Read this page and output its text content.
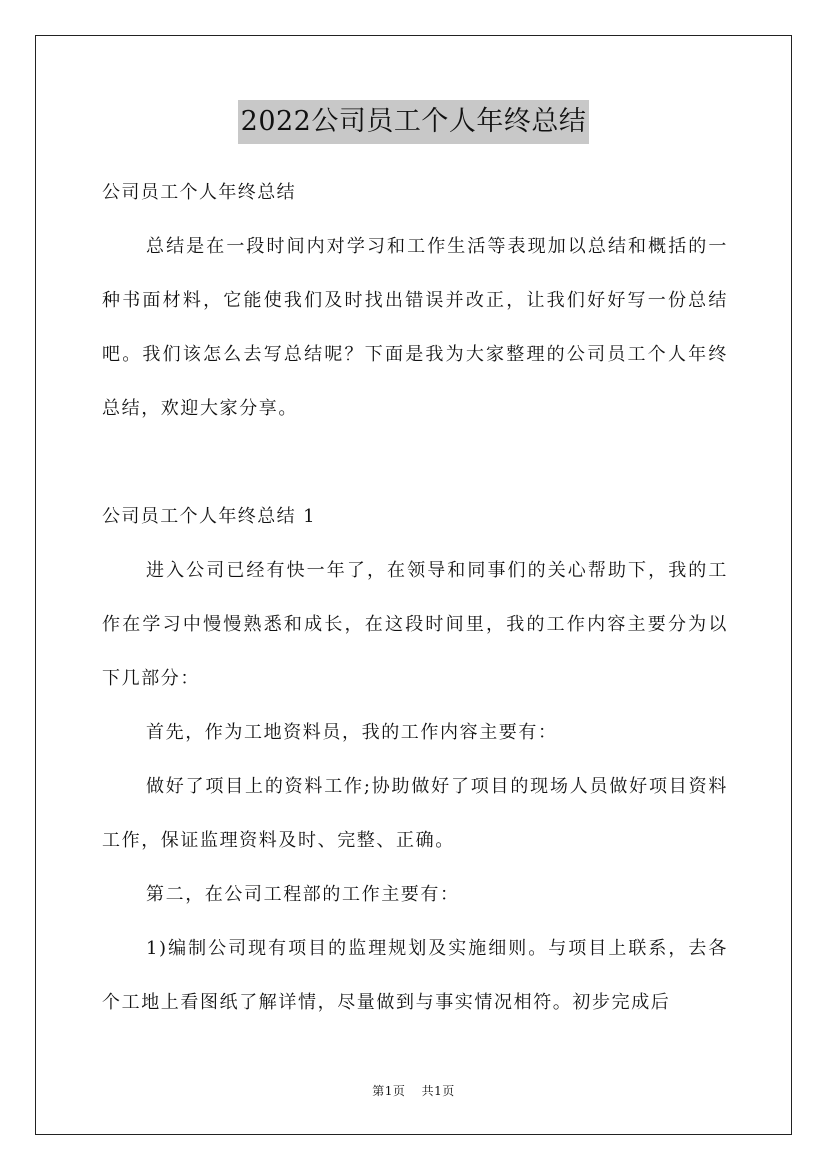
2022公司员工个人年终总结

公司员工个人年终总结

总结是在一段时间内对学习和工作生活等表现加以总结和概括的一种书面材料，它能使我们及时找出错误并改正，让我们好好写一份总结吧。我们该怎么去写总结呢？下面是我为大家整理的公司员工个人年终总结，欢迎大家分享。

公司员工个人年终总结 1

进入公司已经有快一年了，在领导和同事们的关心帮助下，我的工作在学习中慢慢熟悉和成长，在这段时间里，我的工作内容主要分为以下几部分：

首先，作为工地资料员，我的工作内容主要有：

做好了项目上的资料工作;协助做好了项目的现场人员做好项目资料工作，保证监理资料及时、完整、正确。

第二，在公司工程部的工作主要有：

1)编制公司现有项目的监理规划及实施细则。与项目上联系，去各个工地上看图纸了解详情，尽量做到与事实情况相符。初步完成后

第1页 共1页
